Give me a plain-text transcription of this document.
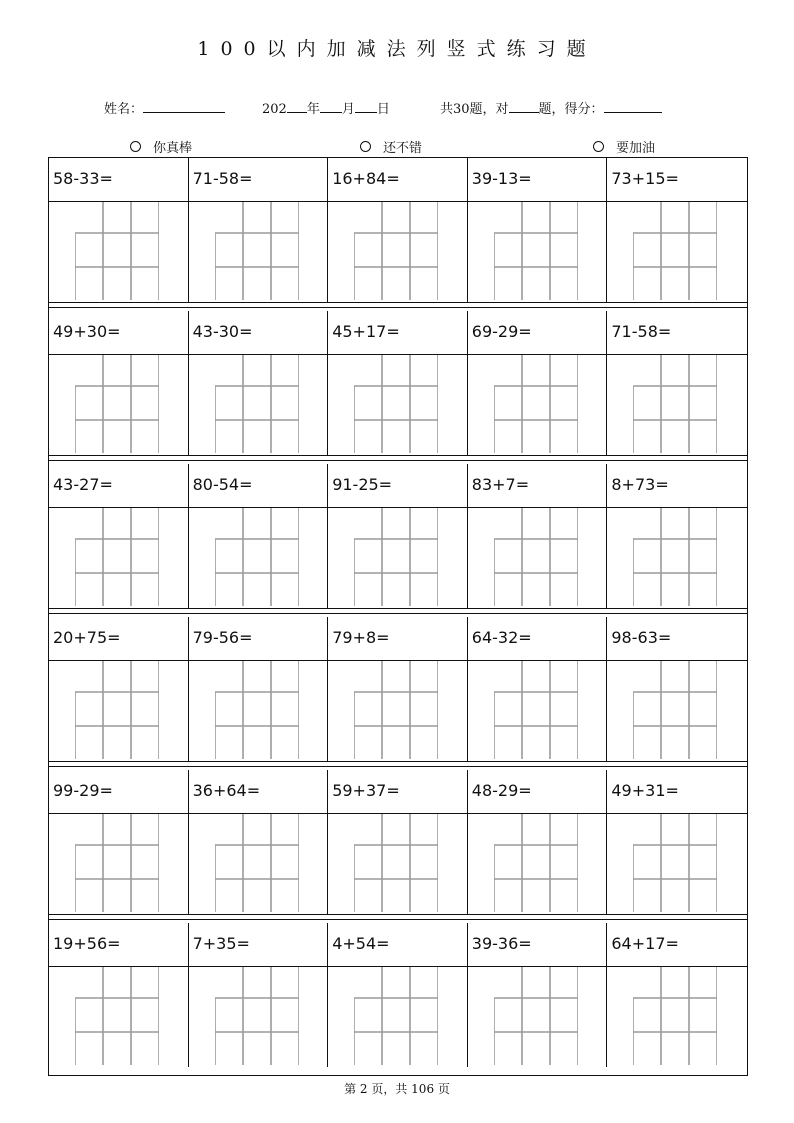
100以内加减法列竖式练习题
姓名：	202 年 月 日	共30题，对 题，得分：
你真棒	还不错	要加油
58-33=	71-58=	16+84=	39-13=	73+15=
49+30=	43-30=	45+17=	69-29=	71-58=
43-27=	80-54=	91-25=	83+7=	8+73=
20+75=	79-56=	79+8=	64-32=	98-63=
99-29=	36+64=	59+37=	48-29=	49+31=
19+56=	7+35=	4+54=	39-36=	64+17=
第 2 页，共 106 页
